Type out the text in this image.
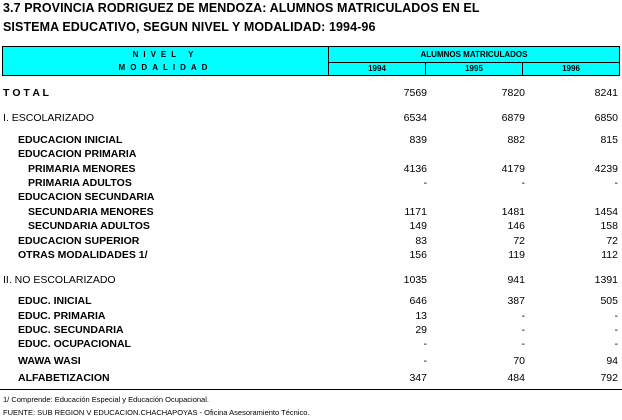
3.7 PROVINCIA RODRIGUEZ DE MENDOZA: ALUMNOS MATRICULADOS EN EL
SISTEMA EDUCATIVO, SEGUN NIVEL Y MODALIDAD: 1994-96
NIVEL Y
MODALIDAD
ALUMNOS MATRICULADOS
1994	1995	1996
T O T A L	7569	7820	8241
I. ESCOLARIZADO	6534	6879	6850
EDUCACION INICIAL	839	882	815
EDUCACION PRIMARIA
PRIMARIA MENORES	4136	4179	4239
PRIMARIA ADULTOS	-	-	-
EDUCACION SECUNDARIA
SECUNDARIA MENORES	1171	1481	1454
SECUNDARIA ADULTOS	149	146	158
EDUCACION SUPERIOR	83	72	72
OTRAS MODALIDADES 1/	156	119	112
II. NO ESCOLARIZADO	1035	941	1391
EDUC. INICIAL	646	387	505
EDUC. PRIMARIA	13	-	-
EDUC. SECUNDARIA	29	-	-
EDUC. OCUPACIONAL	-	-	-
WAWA WASI	-	70	94
ALFABETIZACION	347	484	792
1/ Comprende: Educación Especial y Educación Ocupacional.
FUENTE: SUB REGION V EDUCACION.CHACHAPOYAS - Oficina Asesoramiento Técnico.
